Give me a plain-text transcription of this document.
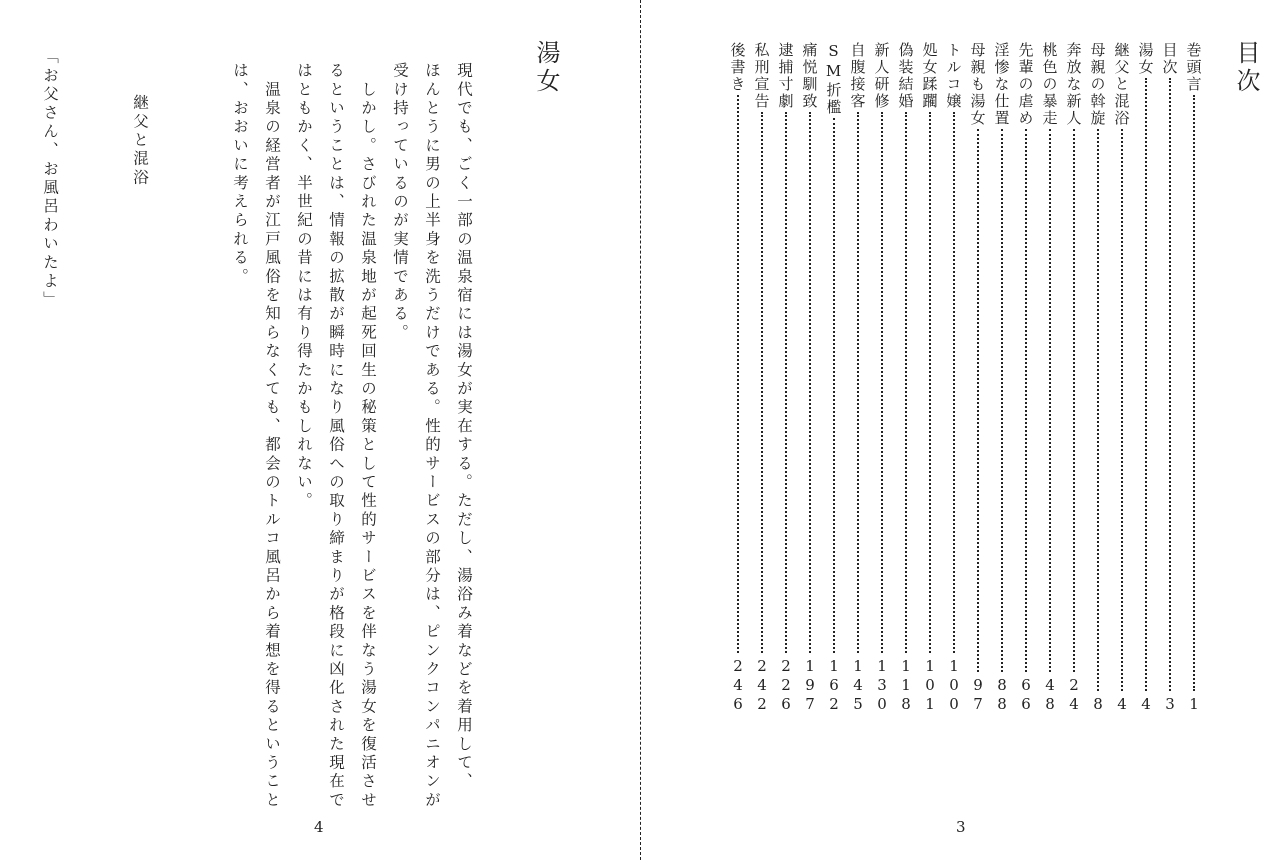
湯女
現代でも、ごく一部の温泉宿には湯女が実在する。ただし、湯浴み着などを着用して、
ほんとうに男の上半身を洗うだけである。性的サービスの部分は、ピンクコンパニオンが
受け持っているのが実情である。
　しかし。さびれた温泉地が起死回生の秘策として性的サービスを伴なう湯女を復活させ
るということは、情報の拡散が瞬時になり風俗への取り締まりが格段に凶化された現在で
はともかく、半世紀の昔には有り得たかもしれない。
　温泉の経営者が江戸風俗を知らなくても、都会のトルコ風呂から着想を得るということ
は、おおいに考えられる。
継父と混浴
「お父さん、お風呂わいたよ」
4
目次
巻頭言
1
目次
3
湯女
4
継父と混浴
4
母親の斡旋
8
奔放な新人
24
桃色の暴走
48
先輩の虐め
66
淫惨な仕置
88
母親も湯女
97
トルコ嬢
100
処女蹂躙
101
偽装結婚
118
新人研修
130
自腹接客
145
SM折檻
162
痛悦馴致
197
逮捕寸劇
226
私刑宣告
242
後書き
246
3
